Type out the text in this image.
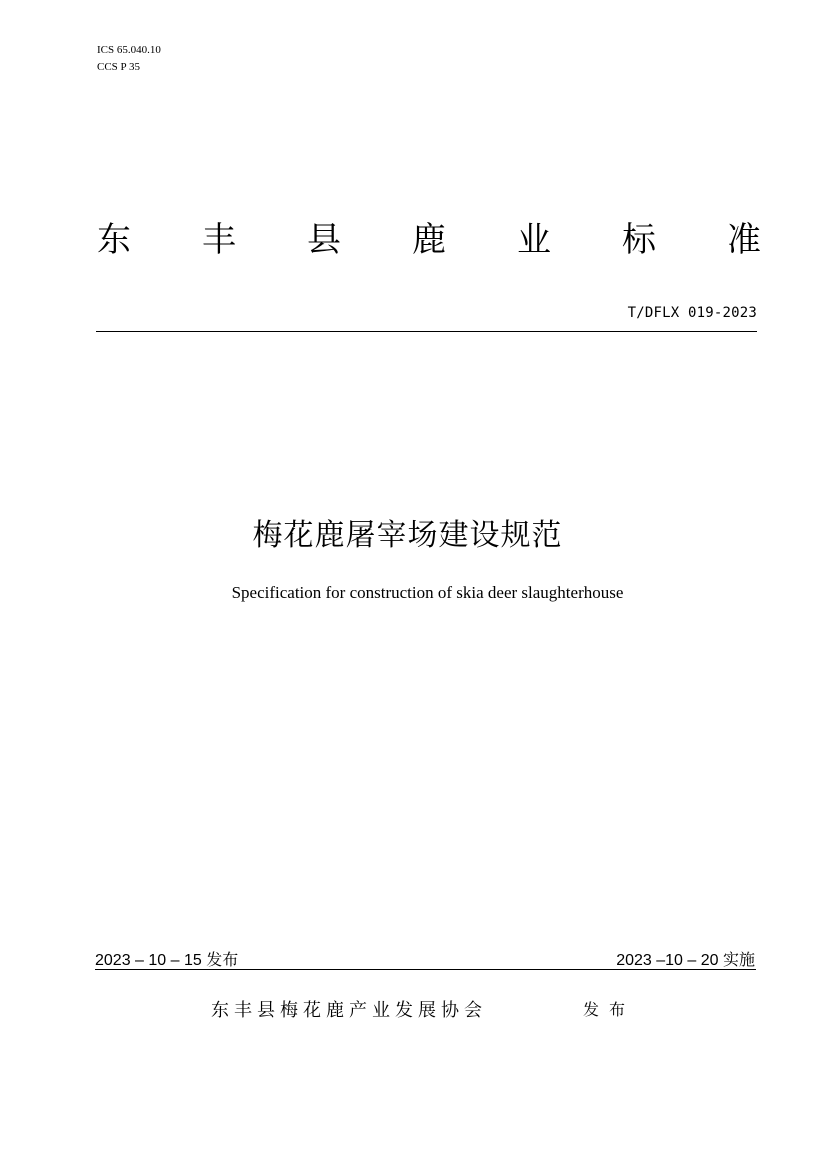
ICS 65.040.10
CCS P 35
东 丰 县 鹿 业 标 准
T/DFLX 019-2023
梅花鹿屠宰场建设规范
Specification for construction of skia deer slaughterhouse
2023 – 10 – 15 发布	2023 –10 – 20 实施
东丰县梅花鹿产业发展协会	发布
